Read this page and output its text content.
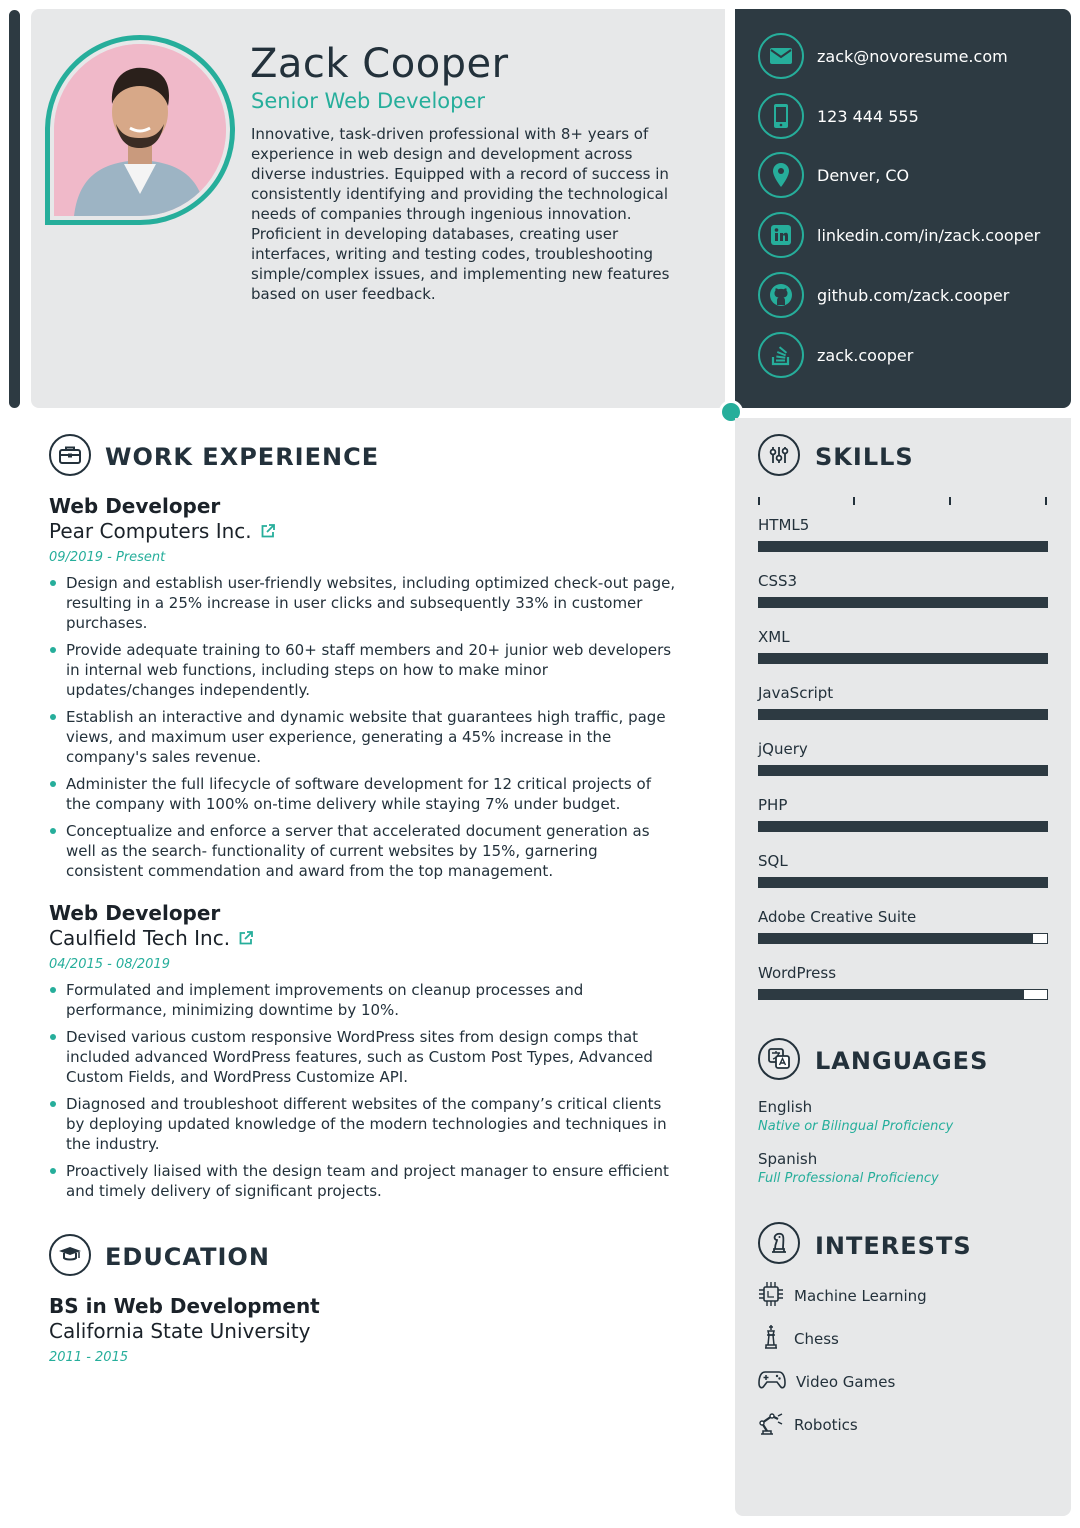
Zack Cooper
Senior Web Developer
Innovative, task-driven professional with 8+ years of experience in web design and development across diverse industries. Equipped with a record of success in consistently identifying and providing the technological needs of companies through ingenious innovation. Proficient in developing databases, creating user interfaces, writing and testing codes, troubleshooting simple/complex issues, and implementing new features based on user feedback.
zack@novoresume.com
123 444 555
Denver, CO
linkedin.com/in/zack.cooper
github.com/zack.cooper
zack.cooper
WORK EXPERIENCE
Web Developer
Pear Computers Inc.
09/2019 - Present
Design and establish user-friendly websites, including optimized check-out page, resulting in a 25% increase in user clicks and subsequently 33% in customer purchases.
Provide adequate training to 60+ staff members and 20+ junior web developers in internal web functions, including steps on how to make minor updates/changes independently.
Establish an interactive and dynamic website that guarantees high traffic, page views, and maximum user experience, generating a 45% increase in the company's sales revenue.
Administer the full lifecycle of software development for 12 critical projects of the company with 100% on-time delivery while staying 7% under budget.
Conceptualize and enforce a server that accelerated document generation as well as the search- functionality of current websites by 15%, garnering consistent commendation and award from the top management.
Web Developer
Caulfield Tech Inc.
04/2015 - 08/2019
Formulated and implement improvements on cleanup processes and performance, minimizing downtime by 10%.
Devised various custom responsive WordPress sites from design comps that included advanced WordPress features, such as Custom Post Types, Advanced Custom Fields, and WordPress Customize API.
Diagnosed and troubleshoot different websites of the company’s critical clients by deploying updated knowledge of the modern technologies and techniques in the industry.
Proactively liaised with the design team and project manager to ensure efficient and timely delivery of significant projects.
EDUCATION
BS in Web Development
California State University
2011 - 2015
SKILLS
HTML5
CSS3
XML
JavaScript
jQuery
PHP
SQL
Adobe Creative Suite
WordPress
LANGUAGES
English
Native or Bilingual Proficiency
Spanish
Full Professional Proficiency
INTERESTS
Machine Learning
Chess
Video Games
Robotics
